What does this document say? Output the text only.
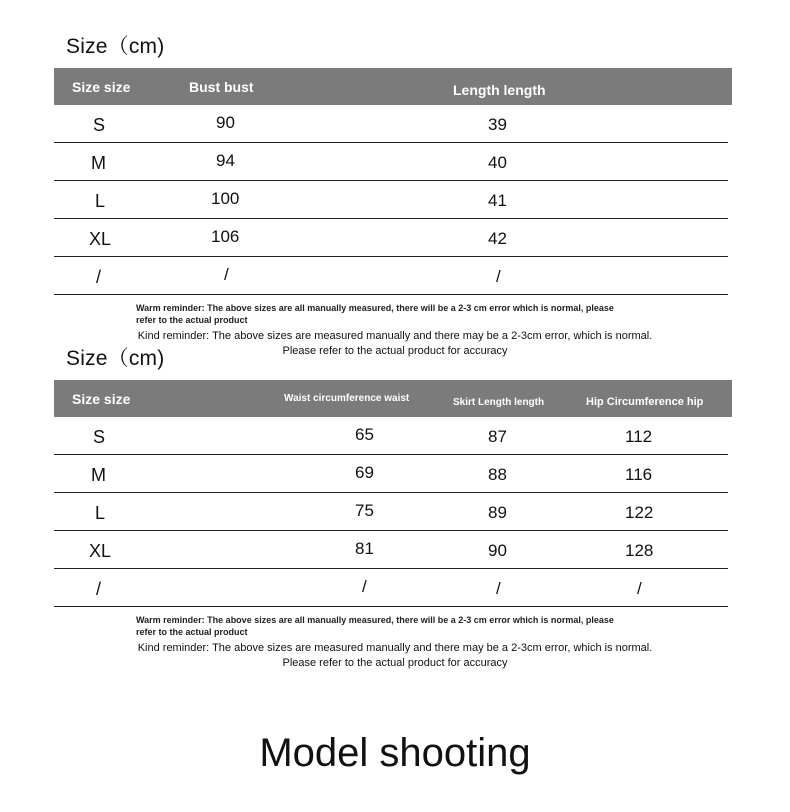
Size（cm)
Size size	Bust bust	Length length
S	90	39
M	94	40
L	100	41
XL	106	42
/	/	/
Warm reminder: The above sizes are all manually measured, there will be a 2-3 cm error which is normal, please
refer to the actual product
Kind reminder: The above sizes are measured manually and there may be a 2-3cm error, which is normal.
Please refer to the actual product for accuracy
Size（cm)
Size size	Waist circumference waist	Skirt Length length	Hip Circumference hip
S	65	87	112
M	69	88	116
L	75	89	122
XL	81	90	128
/	/	/	/
Warm reminder: The above sizes are all manually measured, there will be a 2-3 cm error which is normal, please
refer to the actual product
Kind reminder: The above sizes are measured manually and there may be a 2-3cm error, which is normal.
Please refer to the actual product for accuracy
Model shooting
